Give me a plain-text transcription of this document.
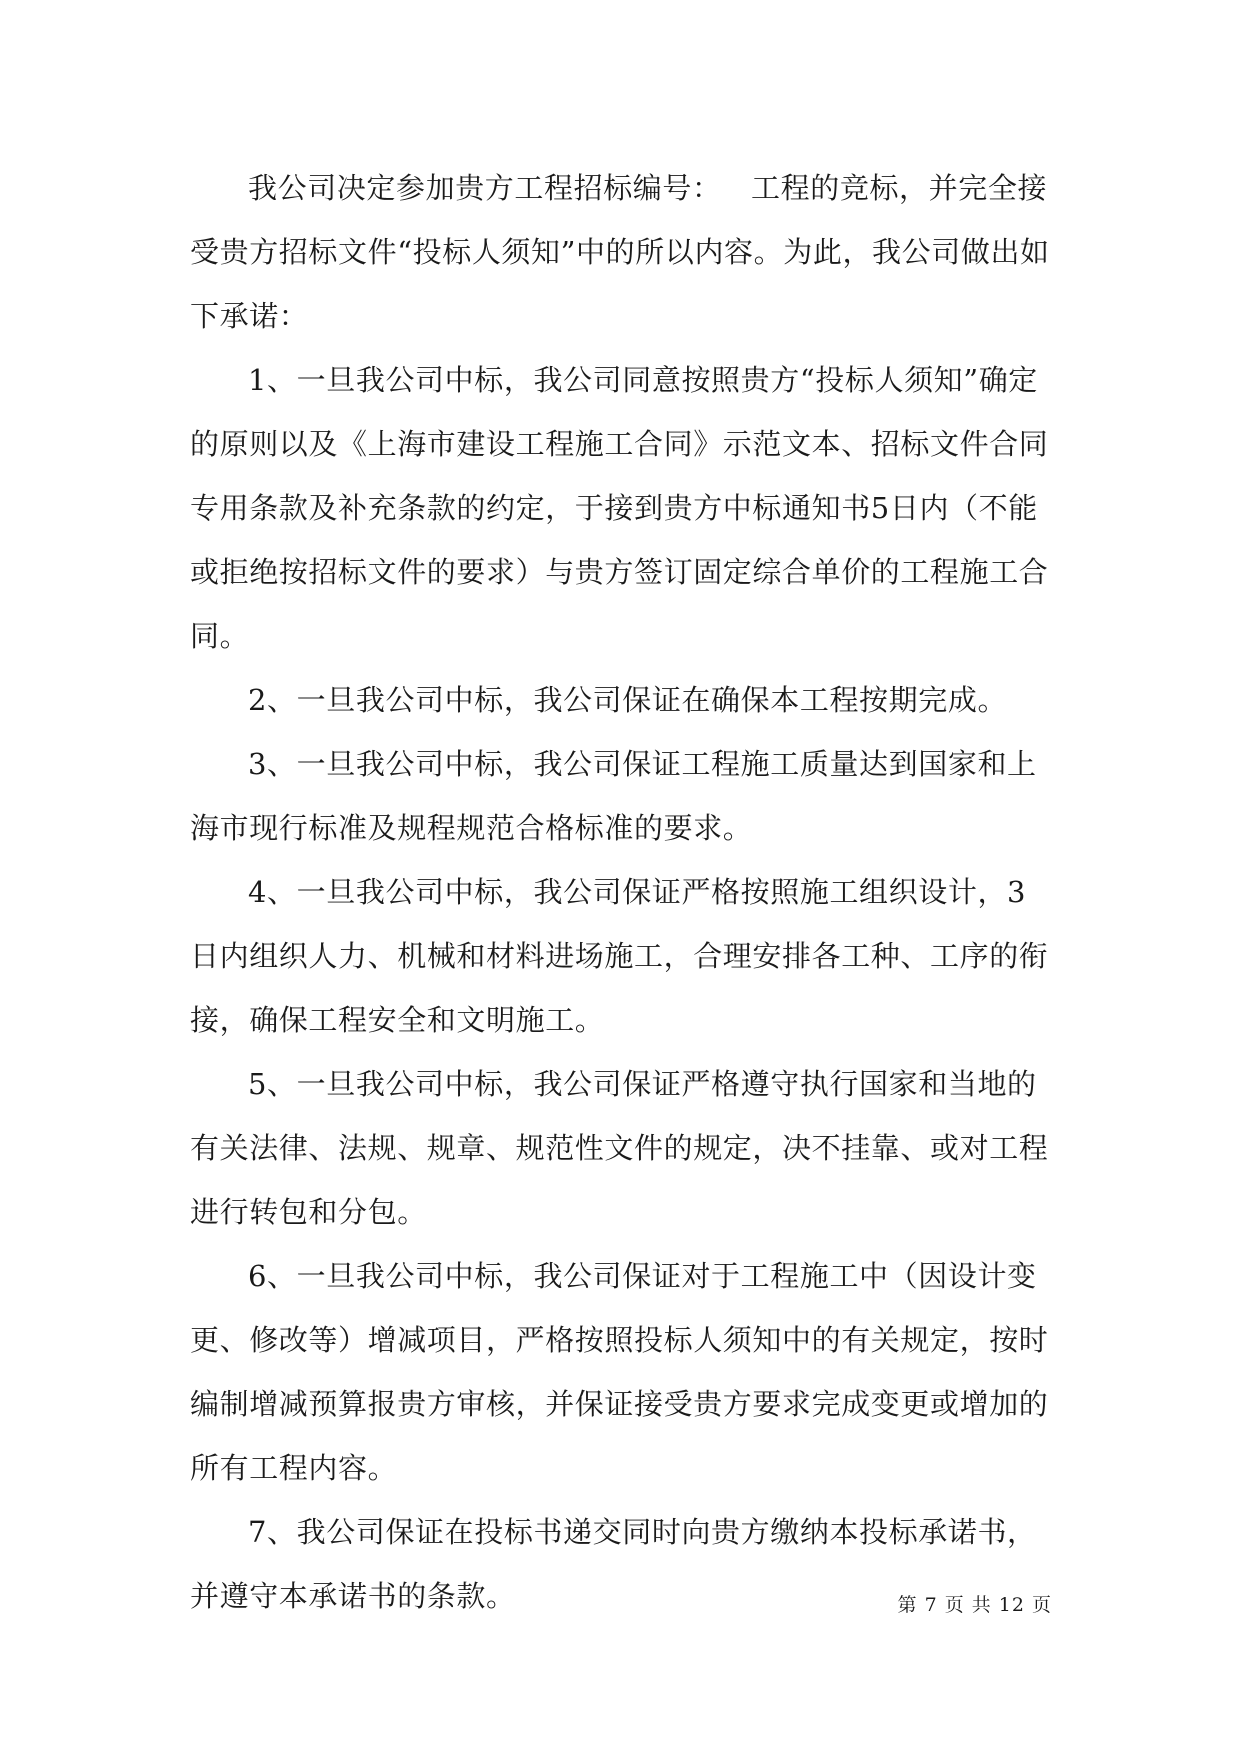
我公司决定参加贵方工程招标编号：   工程的竞标，并完全接受贵方招标文件“投标人须知”中的所以内容。为此，我公司做出如下承诺：

1、一旦我公司中标，我公司同意按照贵方“投标人须知”确定的原则以及《上海市建设工程施工合同》示范文本、招标文件合同专用条款及补充条款的约定，于接到贵方中标通知书5日内（不能或拒绝按招标文件的要求）与贵方签订固定综合单价的工程施工合同。

2、一旦我公司中标，我公司保证在确保本工程按期完成。

3、一旦我公司中标，我公司保证工程施工质量达到国家和上海市现行标准及规程规范合格标准的要求。

4、一旦我公司中标，我公司保证严格按照施工组织设计，3日内组织人力、机械和材料进场施工，合理安排各工种、工序的衔接，确保工程安全和文明施工。

5、一旦我公司中标，我公司保证严格遵守执行国家和当地的有关法律、法规、规章、规范性文件的规定，决不挂靠、或对工程进行转包和分包。

6、一旦我公司中标，我公司保证对于工程施工中（因设计变更、修改等）增减项目，严格按照投标人须知中的有关规定，按时编制增减预算报贵方审核，并保证接受贵方要求完成变更或增加的所有工程内容。

7、我公司保证在投标书递交同时向贵方缴纳本投标承诺书，并遵守本承诺书的条款。	第 7 页 共 12 页
